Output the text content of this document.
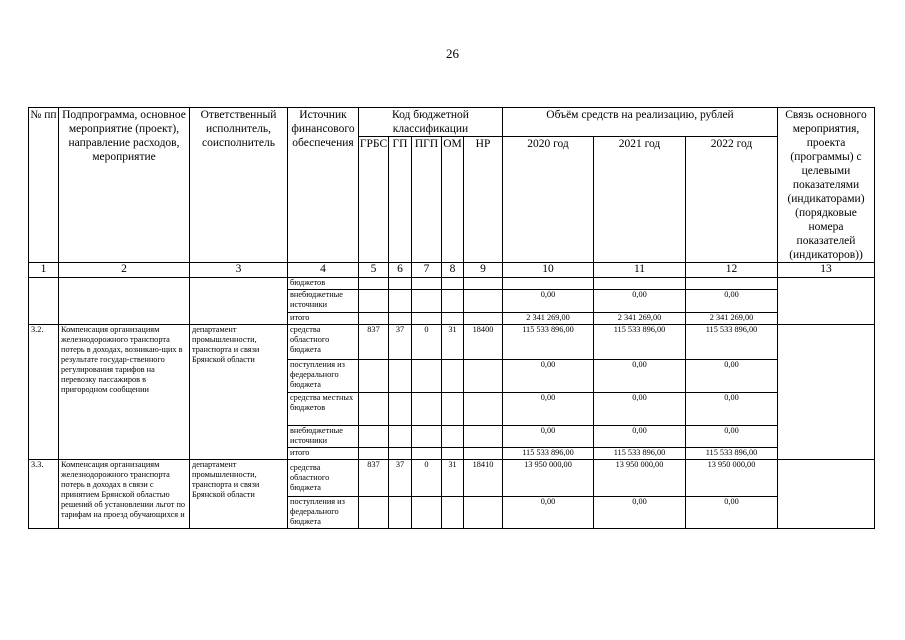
26
№ пп	Подпрограмма, основное мероприятие (проект), направление расходов, мероприятие	Ответственный исполнитель, соисполнитель	Источник финансового обеспечения	Код бюджетной классификации					Объём средств на реализацию, рублей			Связь основного мероприятия, проекта (программы) с целевыми показателями (индикаторами) (порядковые номера показателей (индикаторов))
				ГРБС	ГП	ПГП	ОМ	НР	2020 год	2021 год	2022 год	
1	2	3	4	5	6	7	8	9	10	11	12	13
			бюджетов									
			внебюджетные источники						0,00	0,00	0,00	
			итого						2 341 269,00	2 341 269,00	2 341 269,00	
3.2.	Компенсация организациям железнодорожного транспорта потерь в доходах, возникаю-щих в результате государ-ственного регулирования тарифов на перевозку пассажиров в пригородном сообщении	департамент промышленности, транспорта и связи Брянской области	средства областного бюджета	837	37	0	31	18400	115 533 896,00	115 533 896,00	115 533 896,00	
			поступления из федерального бюджета						0,00	0,00	0,00	
			средства местных бюджетов						0,00	0,00	0,00	
			внебюджетные источники						0,00	0,00	0,00	
			итого						115 533 896,00	115 533 896,00	115 533 896,00	
3.3.	Компенсация организациям железнодорожного транспорта потерь в доходах в связи с принятием Брянской областью решений об установлении льгот по тарифам на проезд обучающихся и	департамент промышленности, транспорта и связи Брянской области	средства областного бюджета	837	37	0	31	18410	13 950 000,00	13 950 000,00	13 950 000,00	
			поступления из федерального бюджета						0,00	0,00	0,00	
